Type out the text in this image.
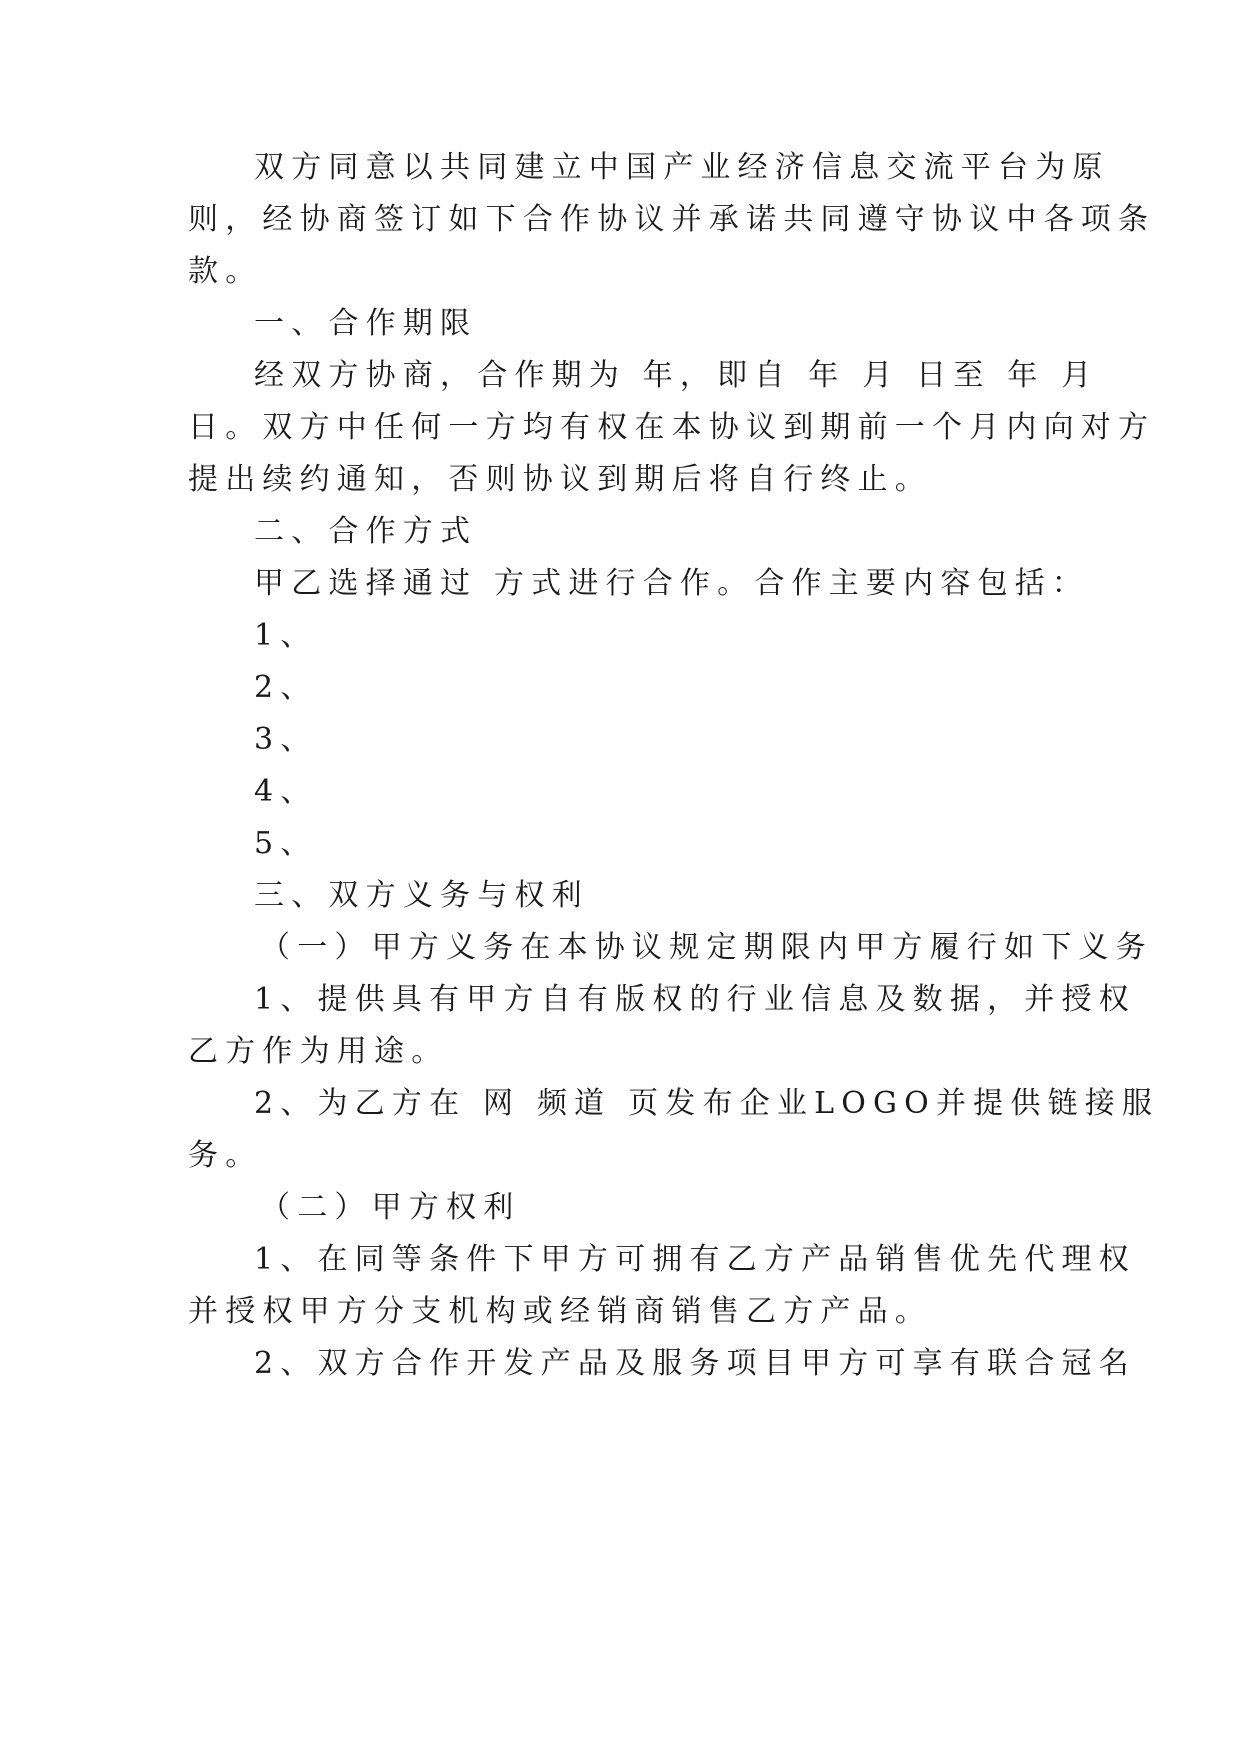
双方同意以共同建立中国产业经济信息交流平台为原
则，经协商签订如下合作协议并承诺共同遵守协议中各项条
款。
一、合作期限
经双方协商，合作期为 年，即自 年 月 日至 年 月
日。双方中任何一方均有权在本协议到期前一个月内向对方
提出续约通知，否则协议到期后将自行终止。
二、合作方式
甲乙选择通过 方式进行合作。合作主要内容包括：
1、
2、
3、
4、
5、
三、双方义务与权利
（一）甲方义务在本协议规定期限内甲方履行如下义务
1、提供具有甲方自有版权的行业信息及数据，并授权
乙方作为用途。
2、为乙方在 网 频道 页发布企业LOGO并提供链接服
务。
（二）甲方权利
1、在同等条件下甲方可拥有乙方产品销售优先代理权
并授权甲方分支机构或经销商销售乙方产品。
2、双方合作开发产品及服务项目甲方可享有联合冠名
